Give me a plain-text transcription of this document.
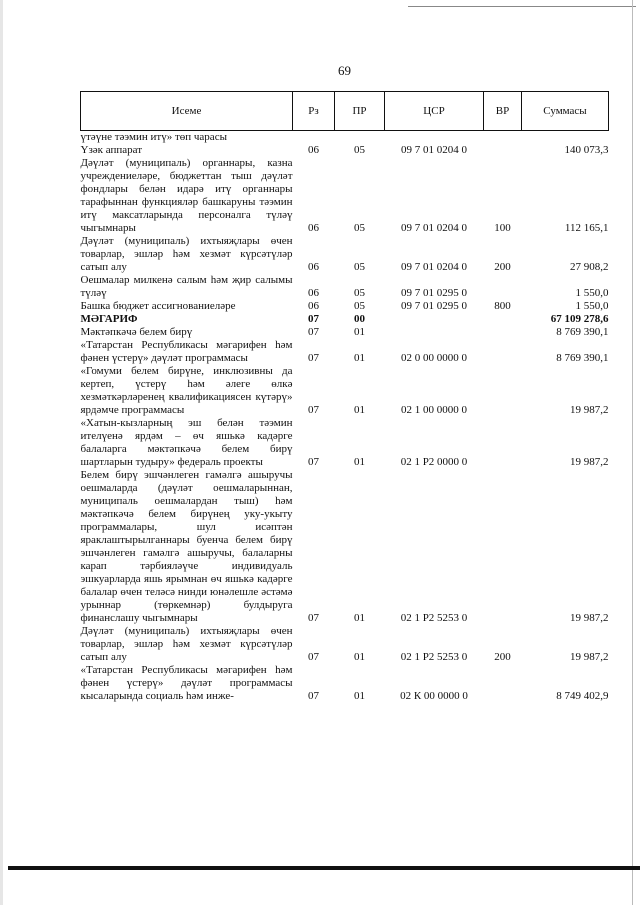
69
Исеме	Рз	ПР	ЦСР	ВР	Суммасы
үтәүне тәэмин итү» төп чарасы					
Үзәк аппарат	06	05	09 7 01 0204 0		140 073,3
Дәүләт (муниципаль) органнары, казна учреждениеләре, бюджеттан тыш дәүләт фондлары белән идарә итү органнары тарафыннан функцияләр башкаруны тәэмин итү максатларында персоналга түләү чыгымнары	06	05	09 7 01 0204 0	100	112 165,1
Дәүләт (муниципаль) ихтыяҗлары өчен товарлар, эшләр һәм хезмәт күрсәтүләр сатып алу	06	05	09 7 01 0204 0	200	27 908,2
Оешмалар милкенә салым һәм җир салымы түләү	06	05	09 7 01 0295 0		1 550,0
Башка бюджет ассигнованиеләре	06	05	09 7 01 0295 0	800	1 550,0
МӘГАРИФ	07	00			67 109 278,6
Мәктәпкәчә белем бирү	07	01			8 769 390,1
«Татарстан Республикасы мәгарифен һәм фәнен үстерү» дәүләт программасы	07	01	02 0 00 0000 0		8 769 390,1
«Гомуми белем бирүне, инклюзивны да кертеп, үстерү һәм әлеге өлкә хезмәткәрләренең квалификациясен күтәрү» ярдәмче программасы	07	01	02 1 00 0000 0		19 987,2
«Хатын-кызларның эш белән тәэмин ителүенә ярдәм – өч яшькә кадәрге балаларга мәктәпкәчә белем бирү шартларын тудыру» федераль проекты	07	01	02 1 P2 0000 0		19 987,2
Белем бирү эшчәнлеген гамәлгә ашыручы оешмаларда (дәүләт оешмаларыннан, муниципаль оешмалардан тыш) һәм мәктәпкәчә белем бирүнең уку-укыту программалары, шул исәптән яраклаштырылганнары буенча белем бирү эшчәнлеген гамәлгә ашыручы, балаларны карап тәрбияләүче индивидуаль эшкуарларда яшь ярымнан өч яшькә кадәрге балалар өчен теләсә нинди юнәлешле әстәмә урыннар (төркемнәр) булдыруга финанслашу чыгымнары	07	01	02 1 P2 5253 0		19 987,2
Дәүләт (муниципаль) ихтыяҗлары өчен товарлар, эшләр һәм хезмәт күрсәтүләр сатып алу	07	01	02 1 P2 5253 0	200	19 987,2
«Татарстан Республикасы мәгарифен һәм фәнен үстерү» дәүләт программасы кысаларында социаль һәм инже-	07	01	02 К 00 0000 0		8 749 402,9
